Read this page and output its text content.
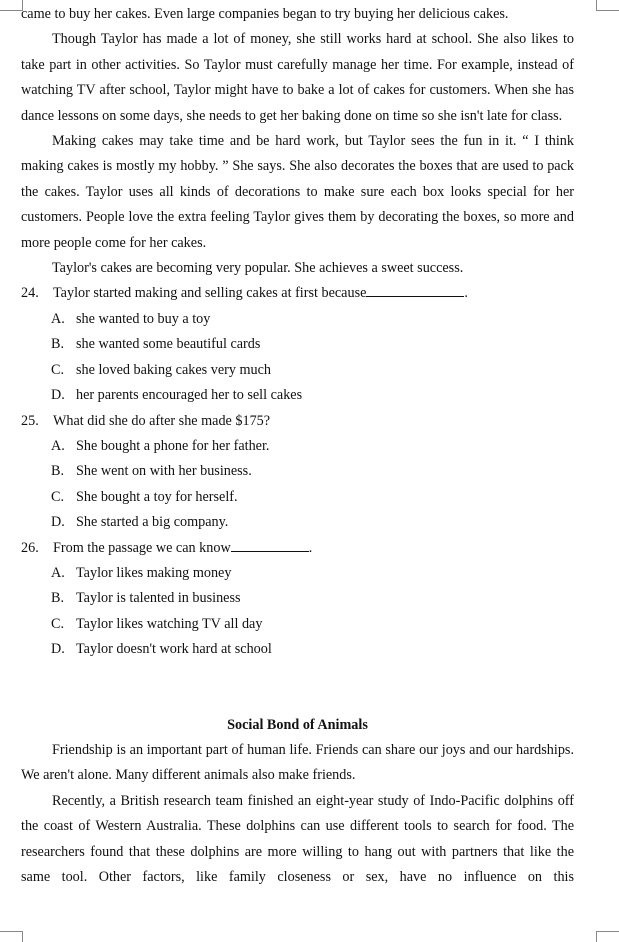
came to buy her cakes. Even large companies began to try buying her delicious cakes.

Though Taylor has made a lot of money, she still works hard at school. She also likes to take part in other activities. So Taylor must carefully manage her time. For example, instead of watching TV after school, Taylor might have to bake a lot of cakes for customers. When she has dance lessons on some days, she needs to get her baking done on time so she isn't late for class.

Making cakes may take time and be hard work, but Taylor sees the fun in it. “ I think making cakes is mostly my hobby. ” She says. She also decorates the boxes that are used to pack the cakes. Taylor uses all kinds of decorations to make sure each box looks special for her customers. People love the extra feeling Taylor gives them by decorating the boxes, so more and more people come for her cakes.

Taylor's cakes are becoming very popular. She achieves a sweet success.

24. Taylor started making and selling cakes at first because	.
A. she wanted to buy a toy
B. she wanted some beautiful cards
C. she loved baking cakes very much
D. her parents encouraged her to sell cakes
25. What did she do after she made $175?
A. She bought a phone for her father.
B. She went on with her business.
C. She bought a toy for herself.
D. She started a big company.
26. From the passage we can know	.
A. Taylor likes making money
B. Taylor is talented in business
C. Taylor likes watching TV all day
D. Taylor doesn't work hard at school
Social Bond of Animals

Friendship is an important part of human life. Friends can share our joys and our hardships. We aren't alone. Many different animals also make friends.

Recently, a British research team finished an eight-year study of Indo-Pacific dolphins off the coast of Western Australia. These dolphins can use different tools to search for food. The researchers found that these dolphins are more willing to hang out with partners that like the same tool. Other factors, like family closeness or sex, have no influence on this
